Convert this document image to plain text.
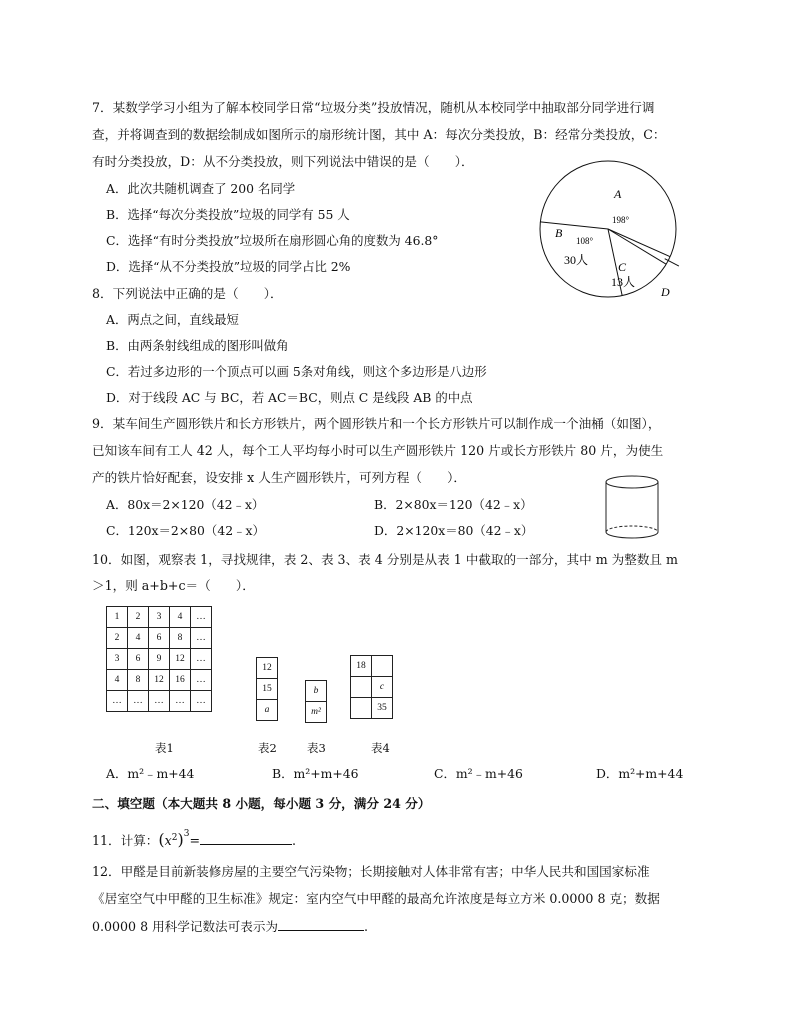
7．某数学学习小组为了解本校同学日常“垃圾分类”投放情况，随机从本校同学中抽取部分同学进行调
查，并将调查到的数据绘制成如图所示的扇形统计图，其中 A：每次分类投放，B：经常分类投放，C：
有时分类投放，D：从不分类投放，则下列说法中错误的是（　　）．
A．此次共随机调查了 200 名同学
B．选择“每次分类投放”垃圾的同学有 55 人
C．选择“有时分类投放”垃圾所在扇形圆心角的度数为 46.8°
D．选择“从不分类投放”垃圾的同学占比 2%
A
198°
B
108°
30人 C
13人
D
8．下列说法中正确的是（　　）．
A．两点之间，直线最短
B．由两条射线组成的图形叫做角
C．若过多边形的一个顶点可以画 5条对角线，则这个多边形是八边形
D．对于线段 AC 与 BC，若 AC＝BC，则点 C 是线段 AB 的中点
9．某车间生产圆形铁片和长方形铁片，两个圆形铁片和一个长方形铁片可以制作成一个油桶（如图），
已知该车间有工人 42 人，每个工人平均每小时可以生产圆形铁片 120 片或长方形铁片 80 片，为使生
产的铁片恰好配套，设安排 x 人生产圆形铁片，可列方程（　　）．
A．80x＝2×120（42﹣x）	B．2×80x＝120（42﹣x）
C．120x＝2×80（42﹣x）	D．2×120x＝80（42﹣x）
10．如图，观察表 1，寻找规律，表 2、表 3、表 4 分别是从表 1 中截取的一部分，其中 m 为整数且 m
＞1，则 a+b+c＝（　　）．
1	2	3	4	…
2	4	6	8	…
3	6	9	12	…
4	8	12	16	…
…	…	…	…	…
12
15
a
b
m²
18	
	c
	35
表1	表2	表3	表4
A．m²﹣m+44	B．m²+m+46	C．m²﹣m+46	D．m²+m+44
二、填空题（本大题共 8 小题，每小题 3 分，满分 24 分）
11．计算：$(x^2)^3=$	.
12．甲醛是目前新装修房屋的主要空气污染物；长期接触对人体非常有害；中华人民共和国国家标准
《居室空气中甲醛的卫生标准》规定：室内空气中甲醛的最高允许浓度是每立方米 0.0000 8 克；数据
0.0000 8 用科学记数法可表示为	.
